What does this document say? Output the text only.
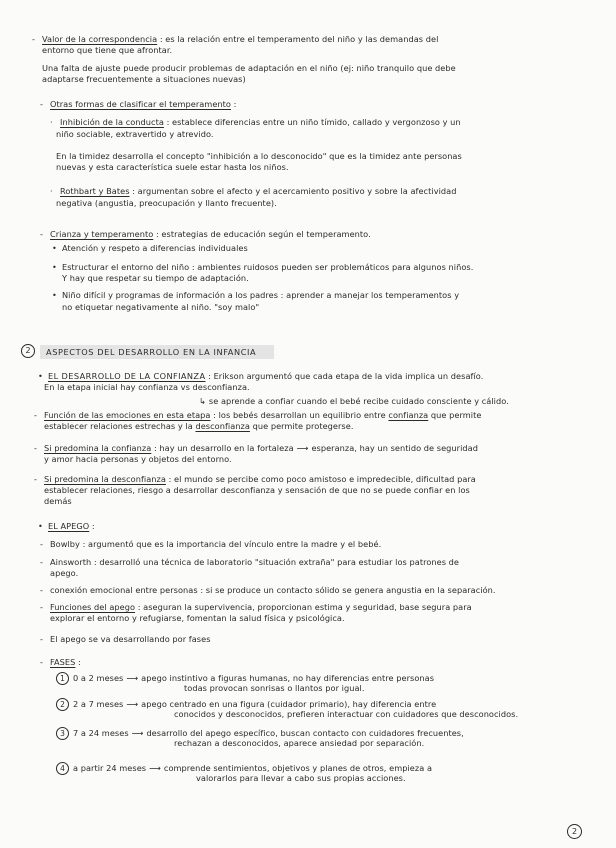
- Valor de la correspondencia : es la relación entre el temperamento del niño y las demandas del
entorno que tiene que afrontar.
Una falta de ajuste puede producir problemas de adaptación en el niño (ej: niño tranquilo que debe
adaptarse frecuentemente a situaciones nuevas)
- Otras formas de clasificar el temperamento :
· Inhibición de la conducta : establece diferencias entre un niño tímido, callado y vergonzoso y un
niño sociable, extravertido y atrevido.
En la timidez desarrolla el concepto "inhibición a lo desconocido" que es la timidez ante personas
nuevas y esta característica suele estar hasta los niños.
· Rothbart y Bates : argumentan sobre el afecto y el acercamiento positivo y sobre la afectividad
negativa (angustia, preocupación y llanto frecuente).
- Crianza y temperamento : estrategias de educación según el temperamento.
• Atención y respeto a diferencias individuales
• Estructurar el entorno del niño : ambientes ruidosos pueden ser problemáticos para algunos niños.
Y hay que respetar su tiempo de adaptación.
• Niño difícil y programas de información a los padres : aprender a manejar los temperamentos y
no etiquetar negativamente al niño. "soy malo"
2	ASPECTOS DEL DESARROLLO EN LA INFANCIA
• EL DESARROLLO DE LA CONFIANZA : Erikson argumentó que cada etapa de la vida implica un desafío.
En la etapa inicial hay confianza vs desconfianza.
↳ se aprende a confiar cuando el bebé recibe cuidado consciente y cálido.
- Función de las emociones en esta etapa : los bebés desarrollan un equilibrio entre confianza que permite
establecer relaciones estrechas y la desconfianza que permite protegerse.
- Si predomina la confianza : hay un desarrollo en la fortaleza ⟶ esperanza, hay un sentido de seguridad
y amor hacia personas y objetos del entorno.
- Si predomina la desconfianza : el mundo se percibe como poco amistoso e impredecible, dificultad para
establecer relaciones, riesgo a desarrollar desconfianza y sensación de que no se puede confiar en los
demás
• EL APEGO :
- Bowlby : argumentó que es la importancia del vínculo entre la madre y el bebé.
- Ainsworth : desarrolló una técnica de laboratorio "situación extraña" para estudiar los patrones de
apego.
- conexión emocional entre personas : si se produce un contacto sólido se genera angustia en la separación.
- Funciones del apego : aseguran la supervivencia, proporcionan estima y seguridad, base segura para
explorar el entorno y refugiarse, fomentan la salud física y psicológica.
- El apego se va desarrollando por fases
- FASES :
1 0 a 2 meses ⟶ apego instintivo a figuras humanas, no hay diferencias entre personas
todas provocan sonrisas o llantos por igual.
2 2 a 7 meses ⟶ apego centrado en una figura (cuidador primario), hay diferencia entre
conocidos y desconocidos, prefieren interactuar con cuidadores que desconocidos.
3 7 a 24 meses ⟶ desarrollo del apego específico, buscan contacto con cuidadores frecuentes,
rechazan a desconocidos, aparece ansiedad por separación.
4 a partir 24 meses ⟶ comprende sentimientos, objetivos y planes de otros, empieza a
valorarlos para llevar a cabo sus propias acciones.
2
